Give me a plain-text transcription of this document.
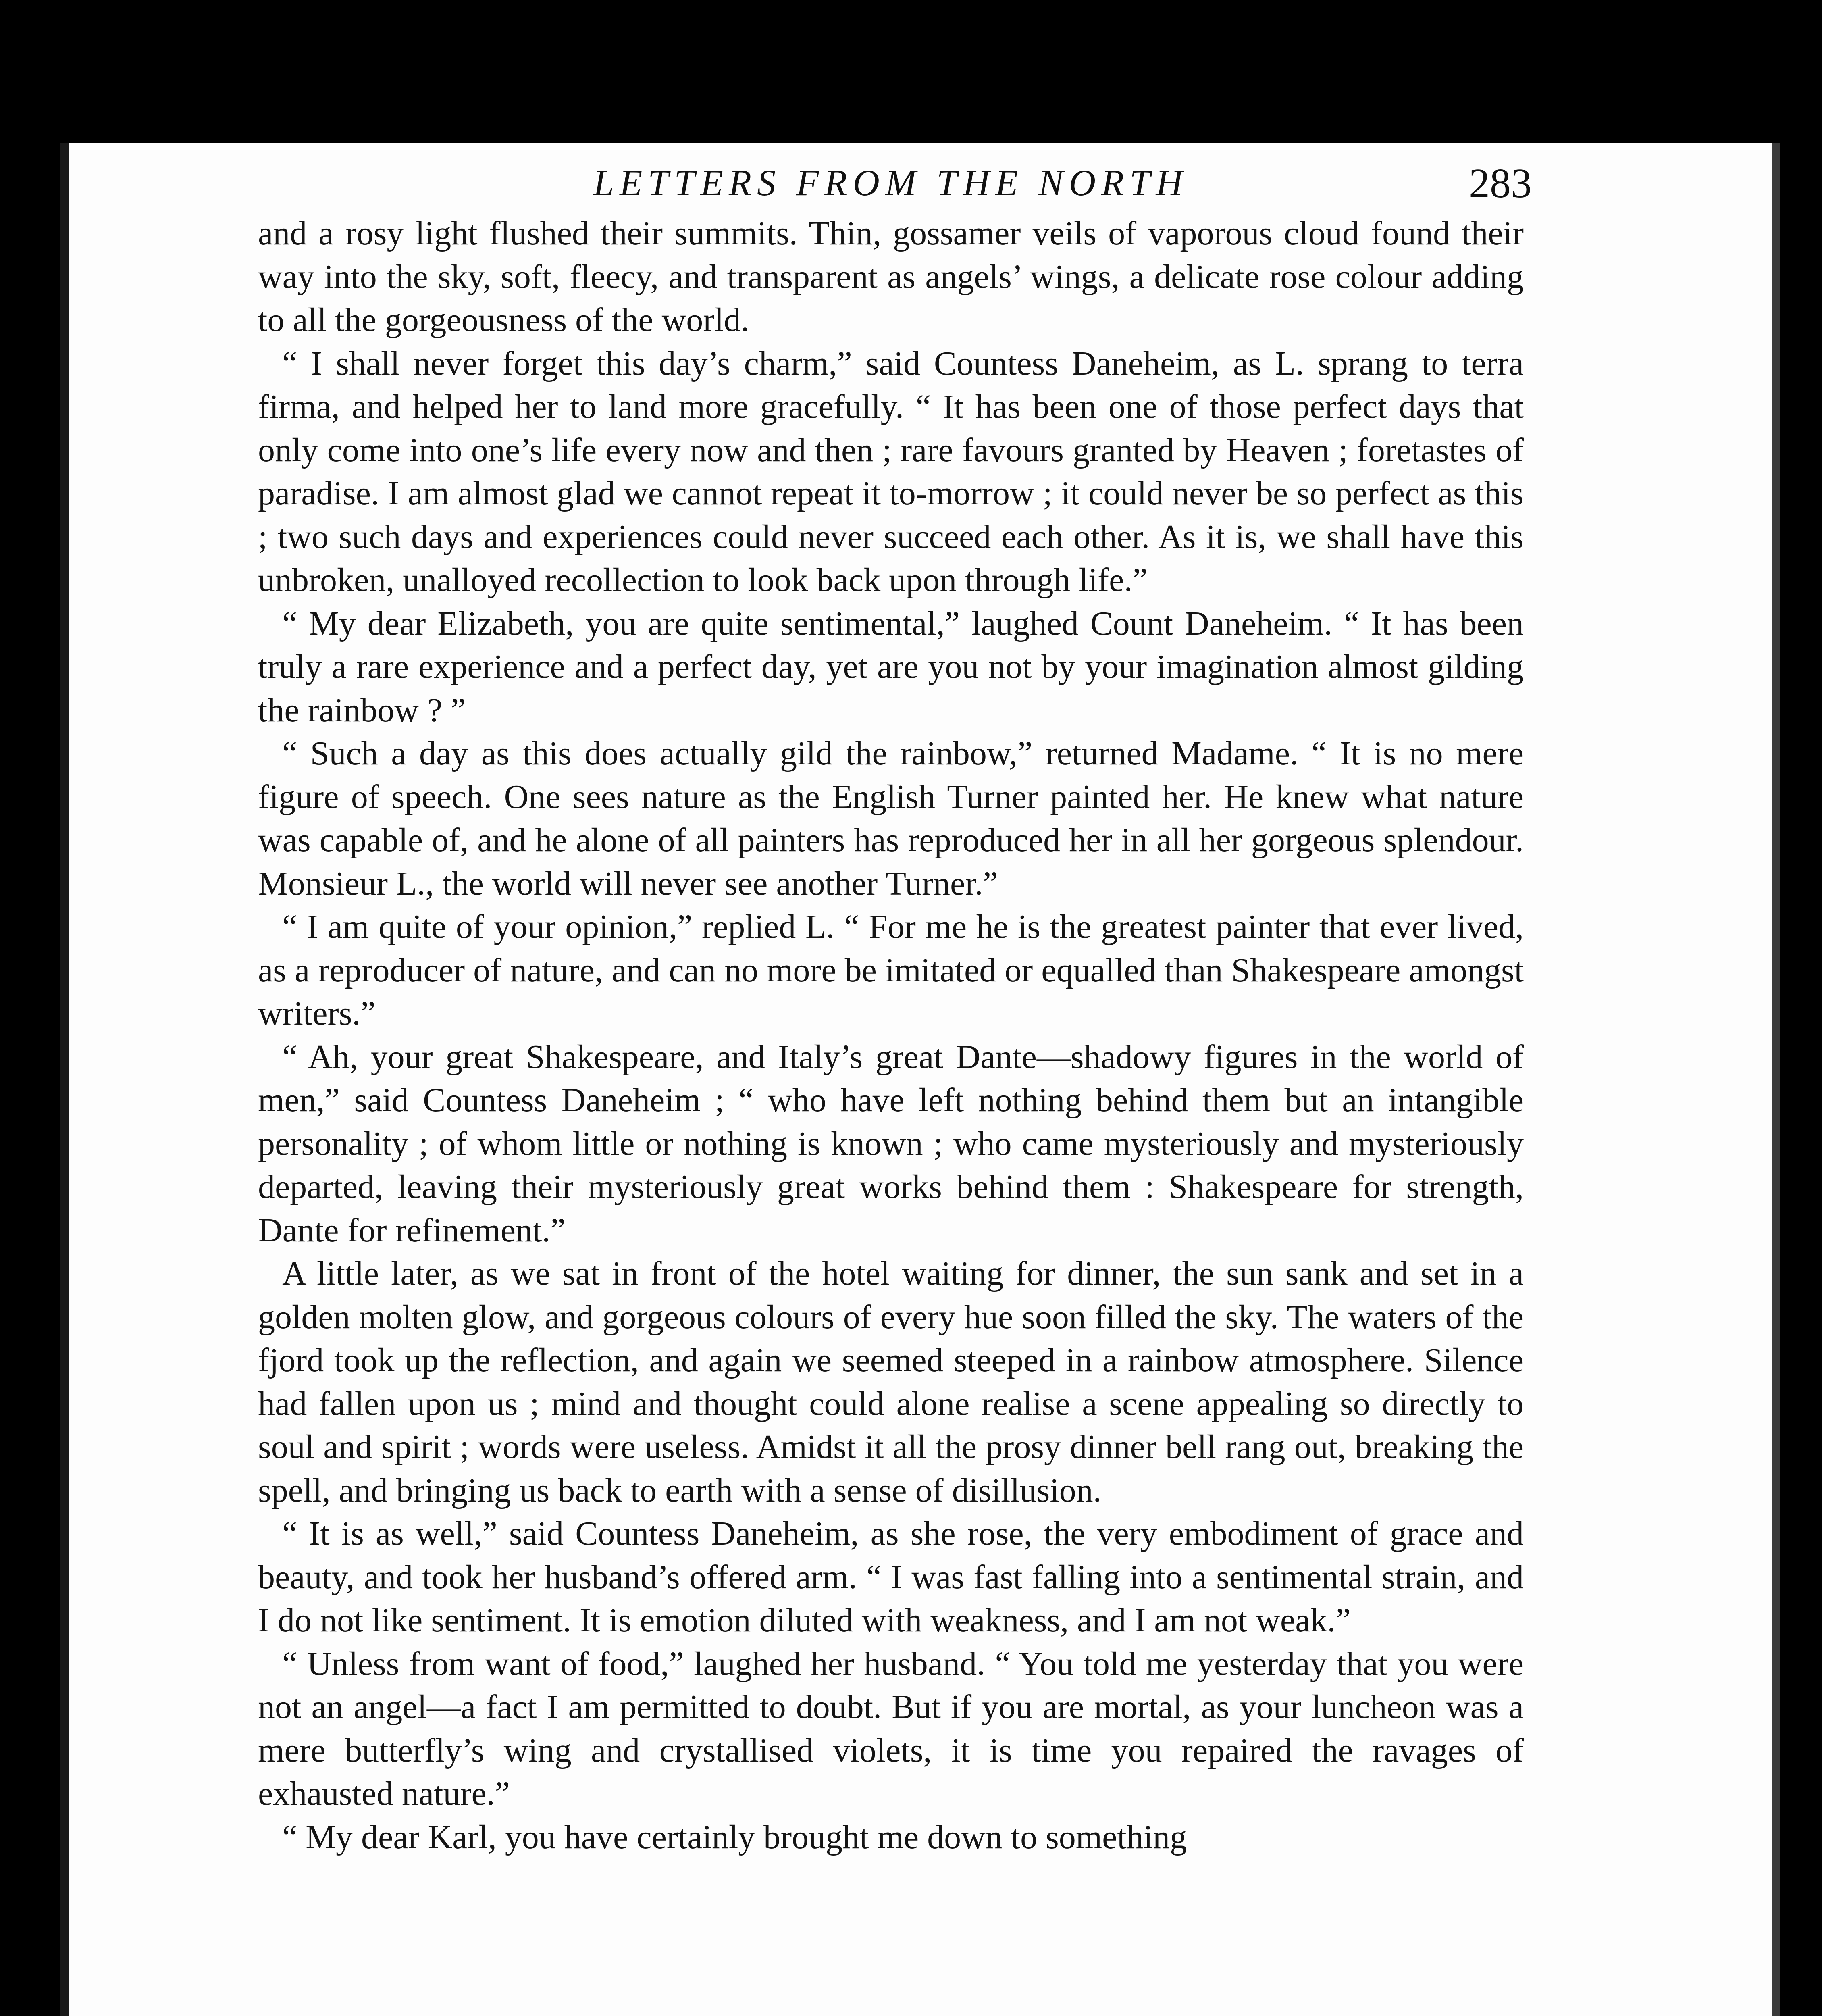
LETTERS FROM THE NORTH	283

and a rosy light flushed their summits. Thin, gossamer veils of vaporous cloud found their way into the sky, soft, fleecy, and transparent as angels’ wings, a delicate rose colour adding to all the gorgeousness of the world.

“ I shall never forget this day’s charm,” said Countess Daneheim, as L. sprang to terra firma, and helped her to land more gracefully. “ It has been one of those perfect days that only come into one’s life every now and then ; rare favours granted by Heaven ; foretastes of paradise. I am almost glad we cannot repeat it to-morrow ; it could never be so perfect as this ; two such days and experiences could never succeed each other. As it is, we shall have this unbroken, unalloyed recollection to look back upon through life.”

“ My dear Elizabeth, you are quite sentimental,” laughed Count Daneheim. “ It has been truly a rare experience and a perfect day, yet are you not by your imagination almost gilding the rainbow ? ”

“ Such a day as this does actually gild the rainbow,” returned Madame. “ It is no mere figure of speech. One sees nature as the English Turner painted her. He knew what nature was capable of, and he alone of all painters has reproduced her in all her gorgeous splendour. Monsieur L., the world will never see another Turner.”

“ I am quite of your opinion,” replied L. “ For me he is the greatest painter that ever lived, as a reproducer of nature, and can no more be imitated or equalled than Shakespeare amongst writers.”

“ Ah, your great Shakespeare, and Italy’s great Dante—shadowy figures in the world of men,” said Countess Daneheim ; “ who have left nothing behind them but an intangible personality ; of whom little or nothing is known ; who came mysteriously and mysteriously departed, leaving their mysteriously great works behind them : Shakespeare for strength, Dante for refinement.”

A little later, as we sat in front of the hotel waiting for dinner, the sun sank and set in a golden molten glow, and gorgeous colours of every hue soon filled the sky. The waters of the fjord took up the reflection, and again we seemed steeped in a rainbow atmosphere. Silence had fallen upon us ; mind and thought could alone realise a scene appealing so directly to soul and spirit ; words were useless. Amidst it all the prosy dinner bell rang out, breaking the spell, and bringing us back to earth with a sense of disillusion.

“ It is as well,” said Countess Daneheim, as she rose, the very embodiment of grace and beauty, and took her husband’s offered arm. “ I was fast falling into a sentimental strain, and I do not like sentiment. It is emotion diluted with weakness, and I am not weak.”

“ Unless from want of food,” laughed her husband. “ You told me yesterday that you were not an angel—a fact I am permitted to doubt. But if you are mortal, as your luncheon was a mere butterfly’s wing and crystallised violets, it is time you repaired the ravages of exhausted nature.”

“ My dear Karl, you have certainly brought me down to something
